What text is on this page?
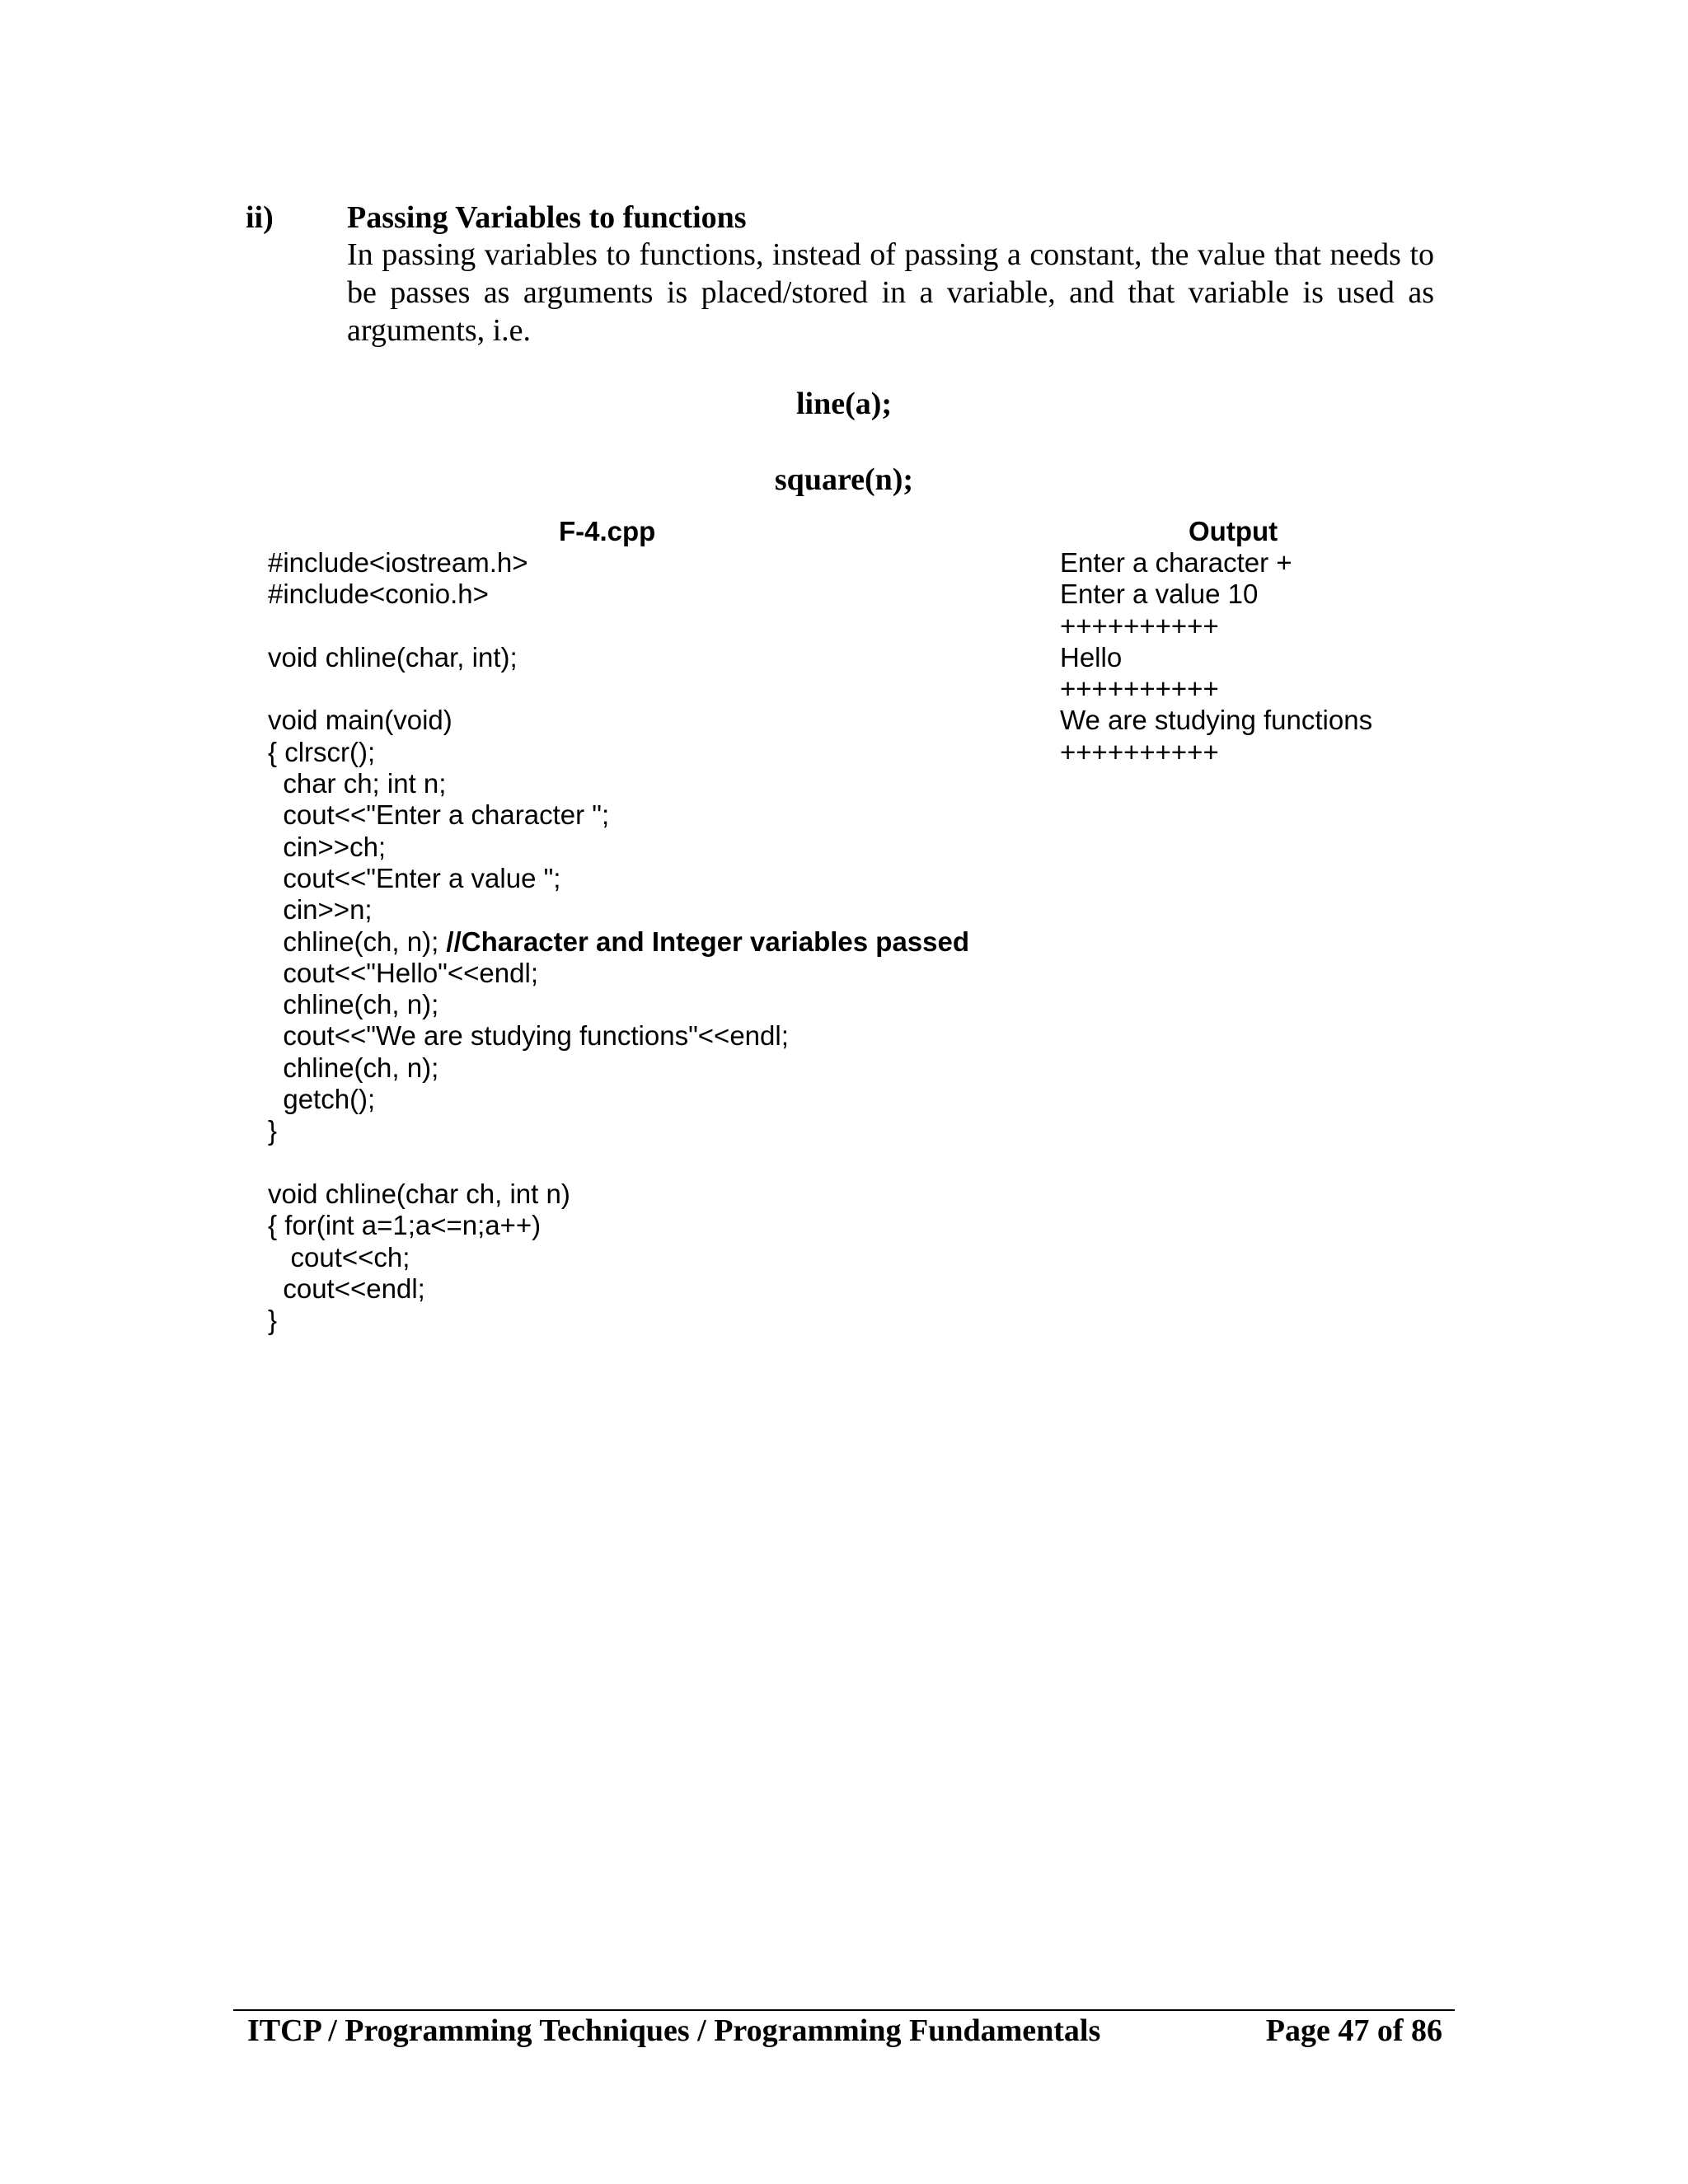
ii) Passing Variables to functions

In passing variables to functions, instead of passing a constant, the value that needs to be passes as arguments is placed/stored in a variable, and that variable is used as arguments, i.e.

line(a);
square(n);
F-4.cpp	Output
#include<iostream.h>
#include<conio.h>
void chline(char, int);
void main(void)
{ clrscr();
char ch; int n;
cout<<"Enter a character ";
cin>>ch;
cout<<"Enter a value ";
cin>>n;
chline(ch, n); //Character and Integer variables passed
cout<<"Hello"<<endl;
chline(ch, n);
cout<<"We are studying functions"<<endl;
chline(ch, n);
getch();
}
void chline(char ch, int n)
{ for(int a=1;a<=n;a++)
cout<<ch;
cout<<endl;
}
Enter a character +
Enter a value 10
++++++++++
Hello
++++++++++
We are studying functions
++++++++++
ITCP / Programming Techniques / Programming Fundamentals	Page 47 of 86
